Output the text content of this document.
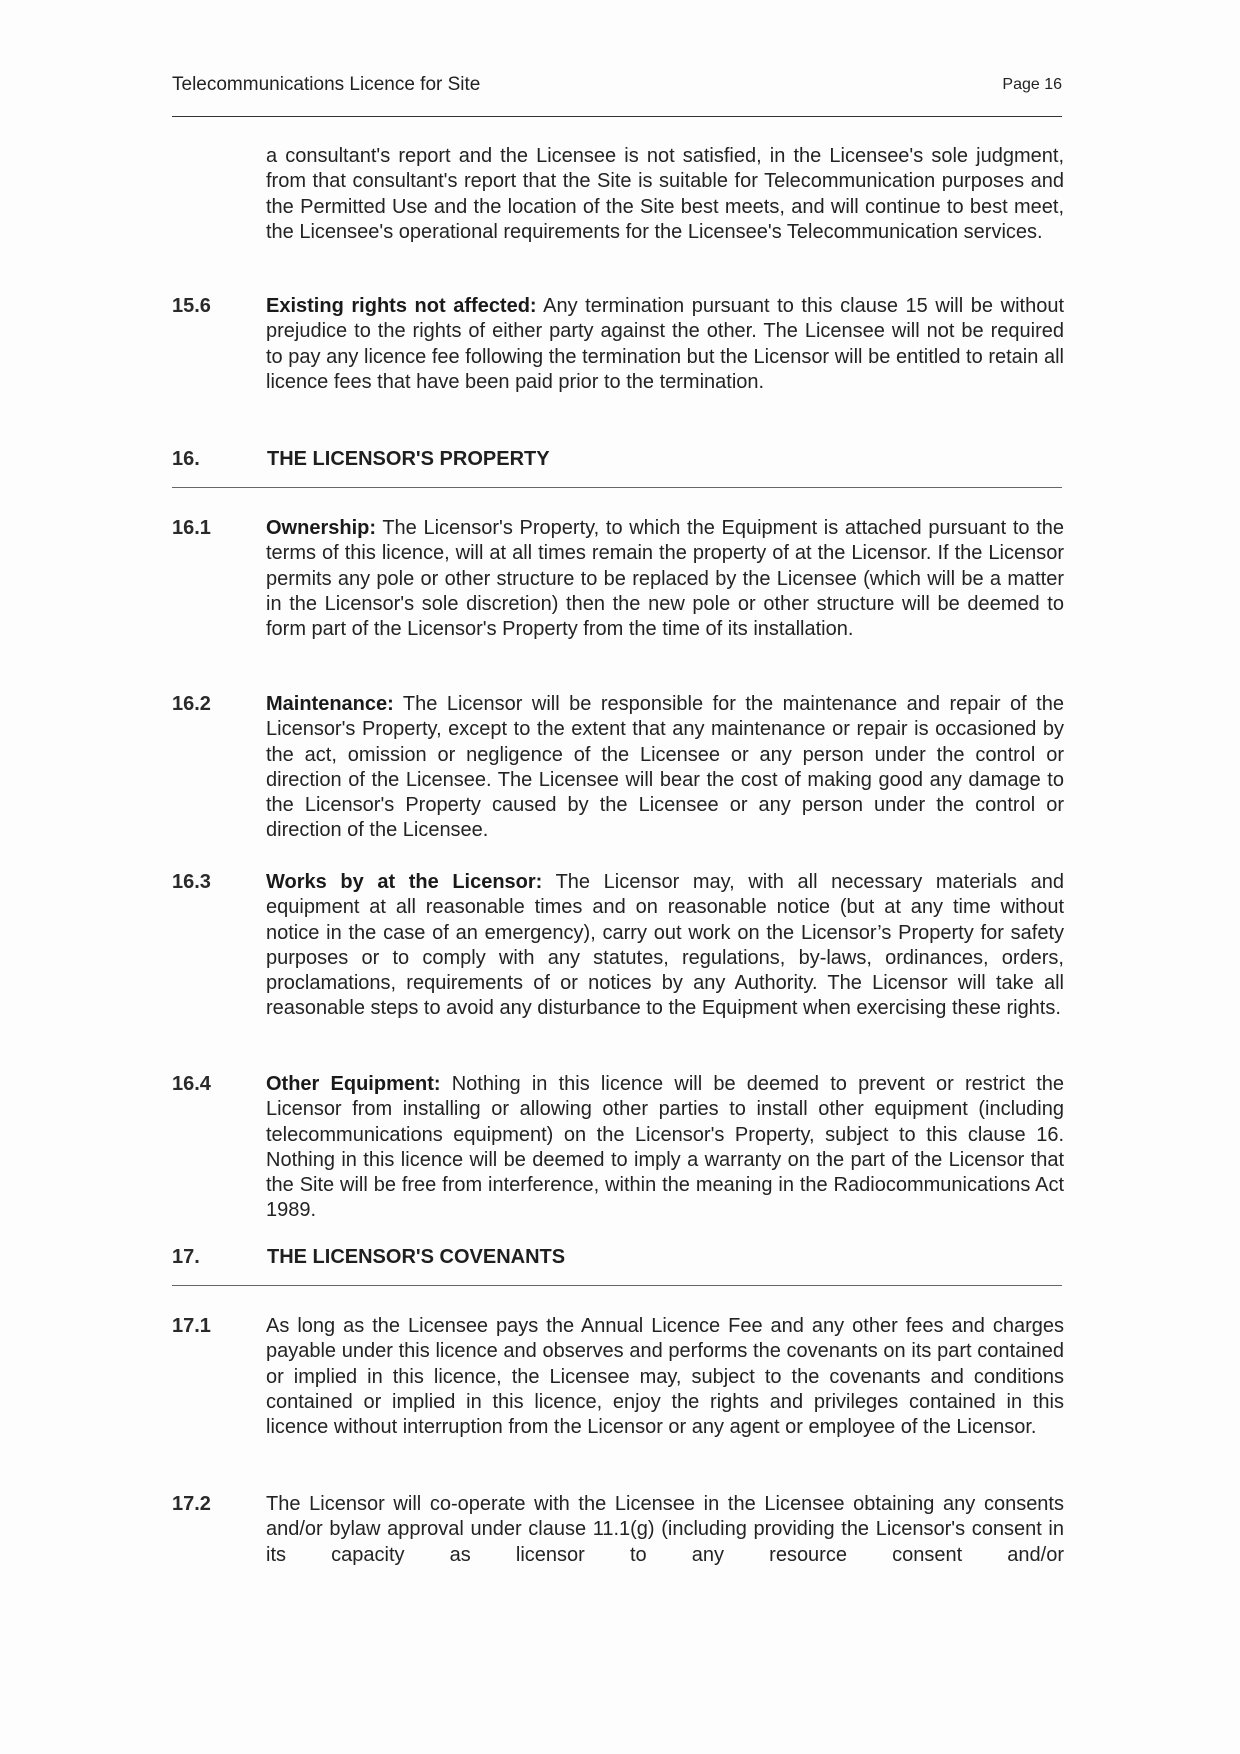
Telecommunications Licence for Site	Page 16
a consultant's report and the Licensee is not satisfied, in the Licensee's sole judgment, from that consultant's report that the Site is suitable for Telecommunication purposes and the Permitted Use and the location of the Site best meets, and will continue to best meet, the Licensee's operational requirements for the Licensee's Telecommunication services.
15.6	Existing rights not affected: Any termination pursuant to this clause 15 will be without prejudice to the rights of either party against the other. The Licensee will not be required to pay any licence fee following the termination but the Licensor will be entitled to retain all licence fees that have been paid prior to the termination.
16.	THE LICENSOR'S PROPERTY
16.1	Ownership: The Licensor's Property, to which the Equipment is attached pursuant to the terms of this licence, will at all times remain the property of at the Licensor. If the Licensor permits any pole or other structure to be replaced by the Licensee (which will be a matter in the Licensor's sole discretion) then the new pole or other structure will be deemed to form part of the Licensor's Property from the time of its installation.
16.2	Maintenance: The Licensor will be responsible for the maintenance and repair of the Licensor's Property, except to the extent that any maintenance or repair is occasioned by the act, omission or negligence of the Licensee or any person under the control or direction of the Licensee. The Licensee will bear the cost of making good any damage to the Licensor's Property caused by the Licensee or any person under the control or direction of the Licensee.
16.3	Works by at the Licensor: The Licensor may, with all necessary materials and equipment at all reasonable times and on reasonable notice (but at any time without notice in the case of an emergency), carry out work on the Licensor’s Property for safety purposes or to comply with any statutes, regulations, by-laws, ordinances, orders, proclamations, requirements of or notices by any Authority. The Licensor will take all reasonable steps to avoid any disturbance to the Equipment when exercising these rights.
16.4	Other Equipment: Nothing in this licence will be deemed to prevent or restrict the Licensor from installing or allowing other parties to install other equipment (including telecommunications equipment) on the Licensor's Property, subject to this clause 16. Nothing in this licence will be deemed to imply a warranty on the part of the Licensor that the Site will be free from interference, within the meaning in the Radiocommunications Act 1989.
17.	THE LICENSOR'S COVENANTS
17.1	As long as the Licensee pays the Annual Licence Fee and any other fees and charges payable under this licence and observes and performs the covenants on its part contained or implied in this licence, the Licensee may, subject to the covenants and conditions contained or implied in this licence, enjoy the rights and privileges contained in this licence without interruption from the Licensor or any agent or employee of the Licensor.
17.2	The Licensor will co-operate with the Licensee in the Licensee obtaining any consents and/or bylaw approval under clause 11.1(g) (including providing the Licensor's consent in its capacity as licensor to any resource consent and/or
